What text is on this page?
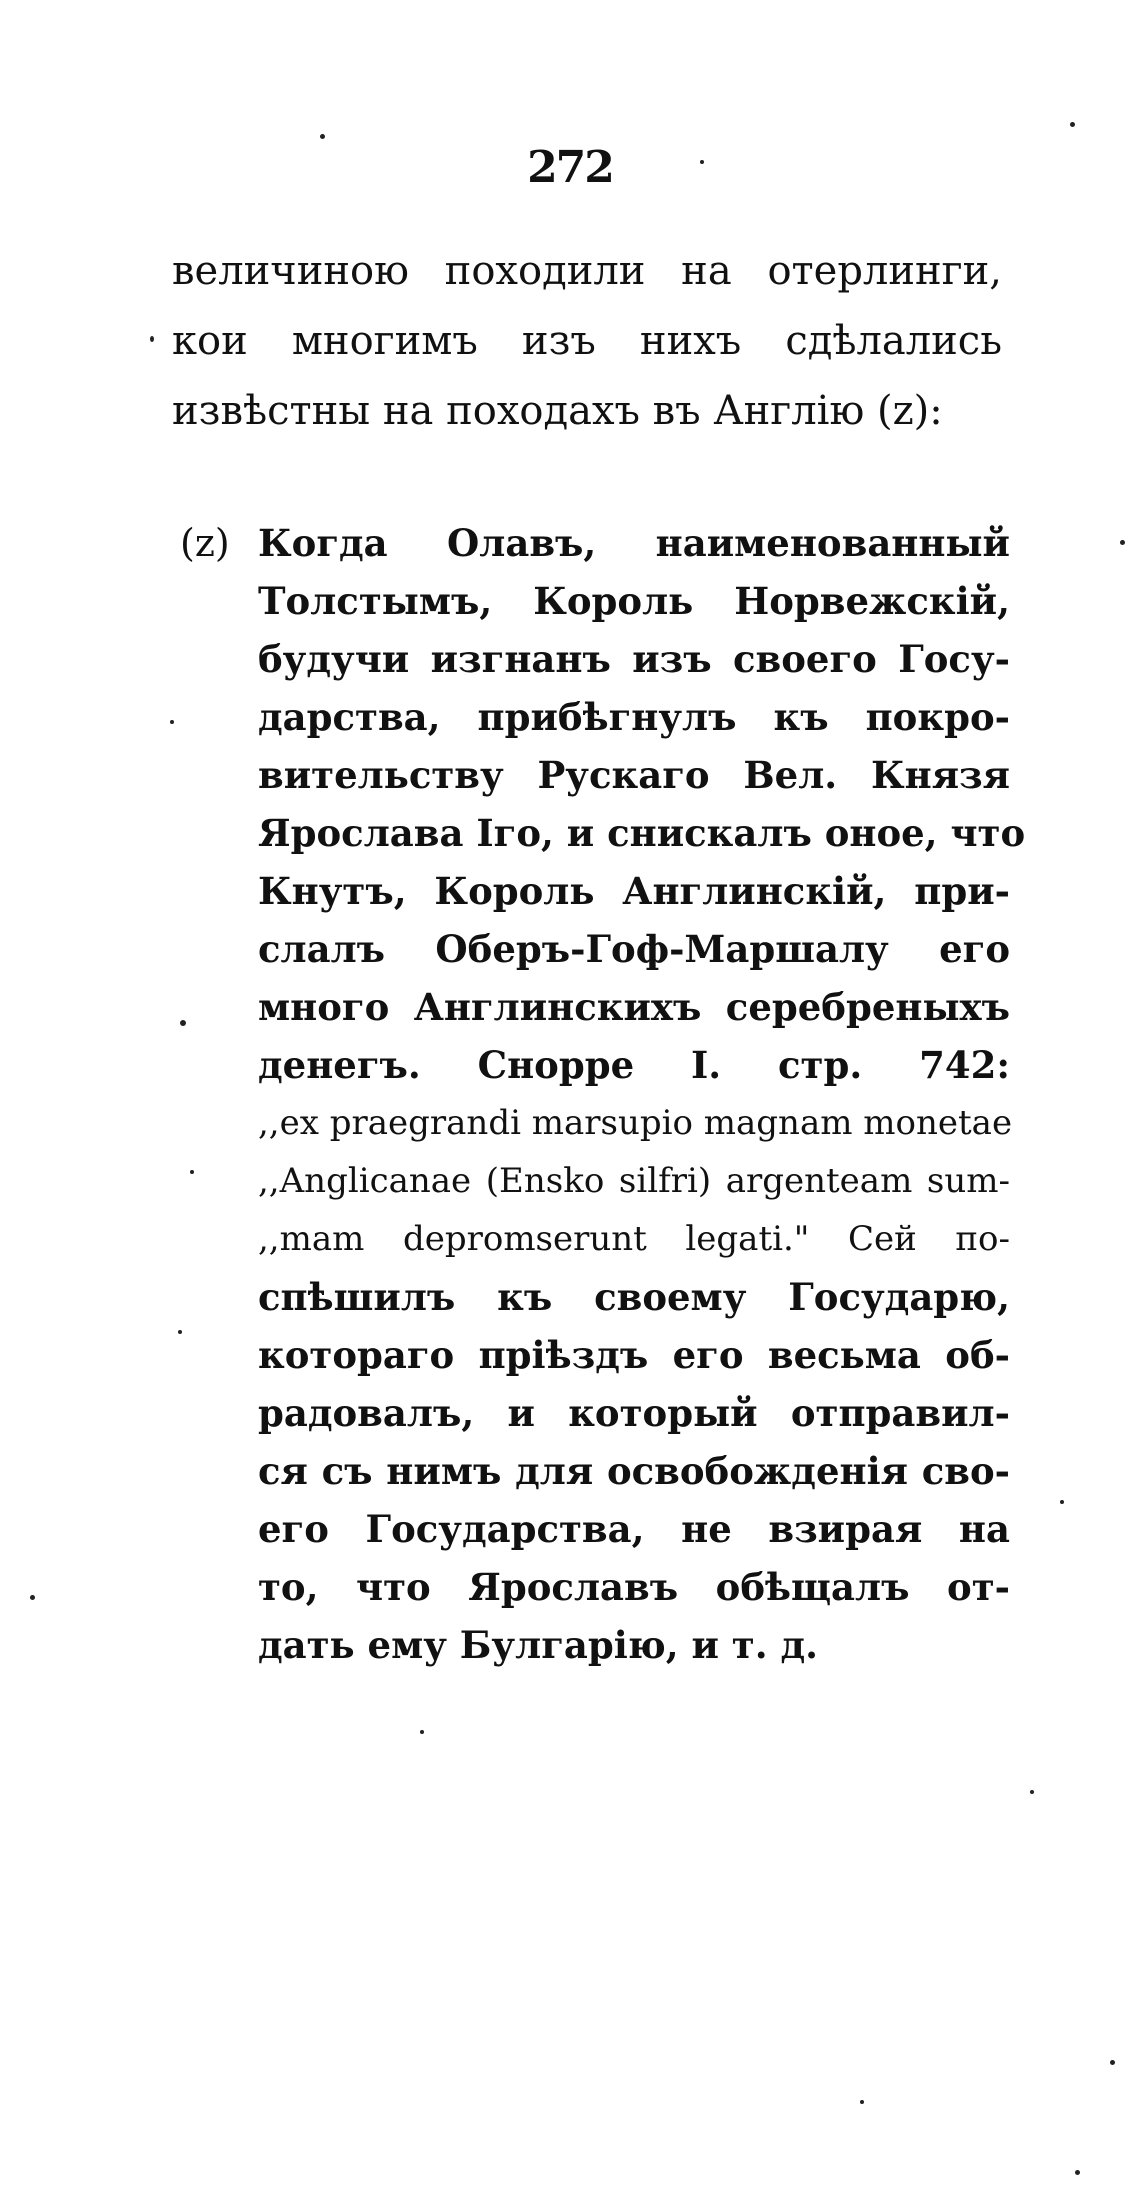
272
величиною походили на отерлинги,
кои многимъ изъ нихъ сдѣлались
извѣстны на походахъ въ Англію (z):
(z) Когда Олавъ, наименованный
Толстымъ, Король Норвежскій,
будучи изгнанъ изъ своего Госу-
дарства, прибѣгнулъ къ покро-
вительству Рускаго Вел. Князя
Ярослава Iго, и снискалъ оное, что
Кнутъ, Король Англинскій, при-
слалъ Оберъ-Гоф-Маршалу его
много Англинскихъ серебреныхъ
денегъ. Снорре I. стр. 742:
,,ex praegrandi marsupio magnam monetae
,,Anglicanae (Ensko silfri) argenteam sum-
,,mam depromserunt legati." Сей по-
спѣшилъ къ своему Государю,
котораго пріѣздъ его весьма об-
радовалъ, и который отправил-
ся съ нимъ для освобожденія сво-
его Государства, не взирая на
то, что Ярославъ обѣщалъ от-
дать ему Булгарію, и т. д.
